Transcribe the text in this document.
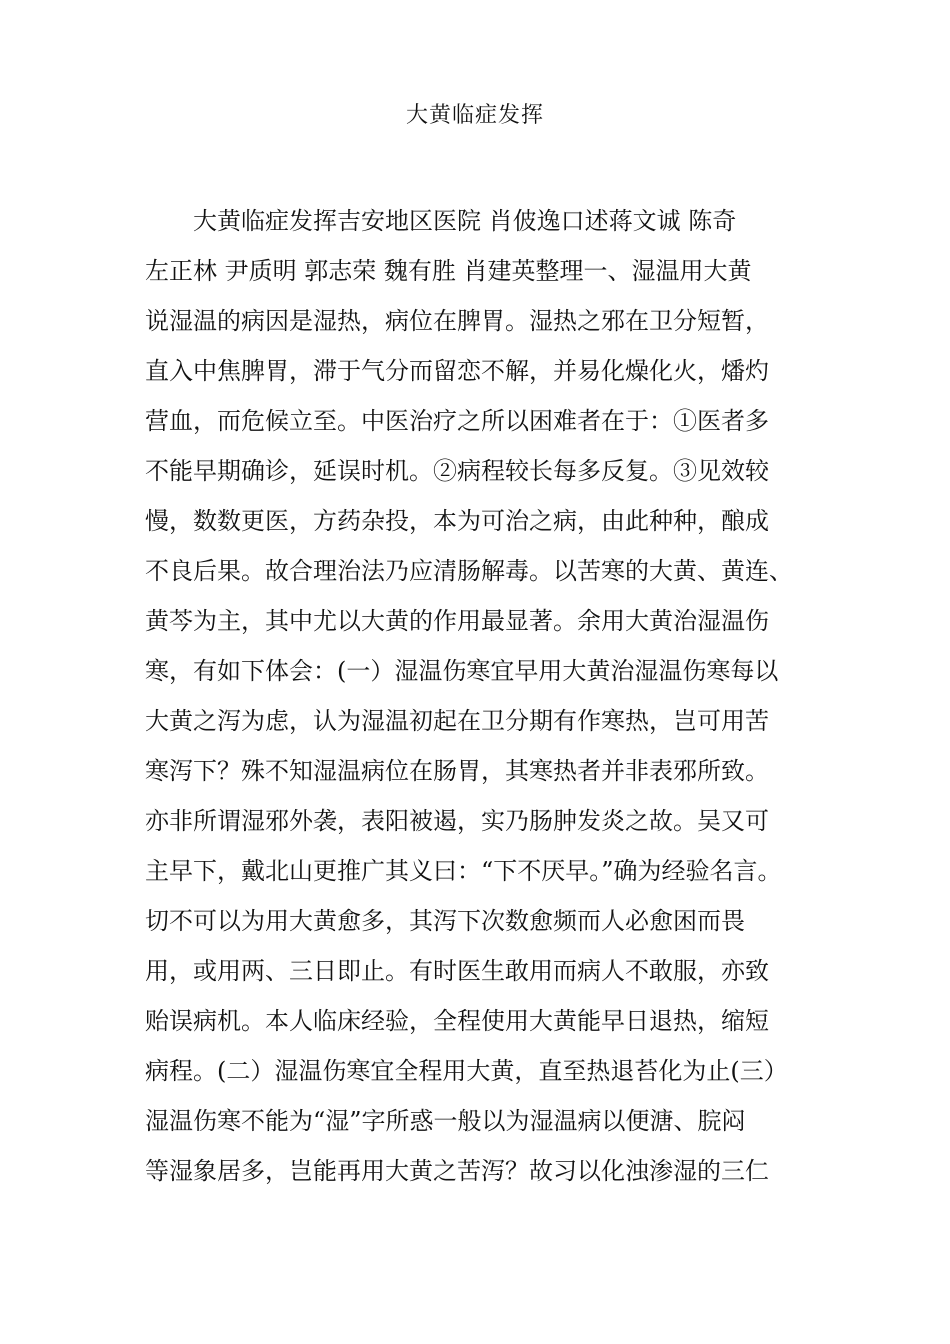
大黄临症发挥
大黄临症发挥吉安地区医院 肖佊逸口述蒋文诚 陈奇
左正林 尹质明 郭志荣 魏有胜 肖建英整理一、湿温用大黄
说湿温的病因是湿热，病位在脾胃。湿热之邪在卫分短暂，
直入中焦脾胃，滞于气分而留恋不解，并易化燥化火，燔灼
营血，而危候立至。中医治疗之所以困难者在于：①医者多
不能早期确诊，延误时机。②病程较长每多反复。③见效较
慢，数数更医，方药杂投，本为可治之病，由此种种，酿成
不良后果。故合理治法乃应清肠解毒。以苦寒的大黄、黄连、
黄芩为主，其中尤以大黄的作用最显著。余用大黄治湿温伤
寒，有如下体会：(一）湿温伤寒宜早用大黄治湿温伤寒每以
大黄之泻为虑，认为湿温初起在卫分期有作寒热，岂可用苦
寒泻下？殊不知湿温病位在肠胃，其寒热者并非表邪所致。
亦非所谓湿邪外袭，表阳被遏，实乃肠肿发炎之故。吴又可
主早下，戴北山更推广其义曰：“下不厌早。”确为经验名言。
切不可以为用大黄愈多，其泻下次数愈频而人必愈困而畏
用，或用两、三日即止。有时医生敢用而病人不敢服，亦致
贻误病机。本人临床经验，全程使用大黄能早日退热，缩短
病程。(二）湿温伤寒宜全程用大黄，直至热退苔化为止(三）
湿温伤寒不能为“湿”字所惑一般以为湿温病以便溏、脘闷
等湿象居多，岂能再用大黄之苦泻？故习以化浊渗湿的三仁
